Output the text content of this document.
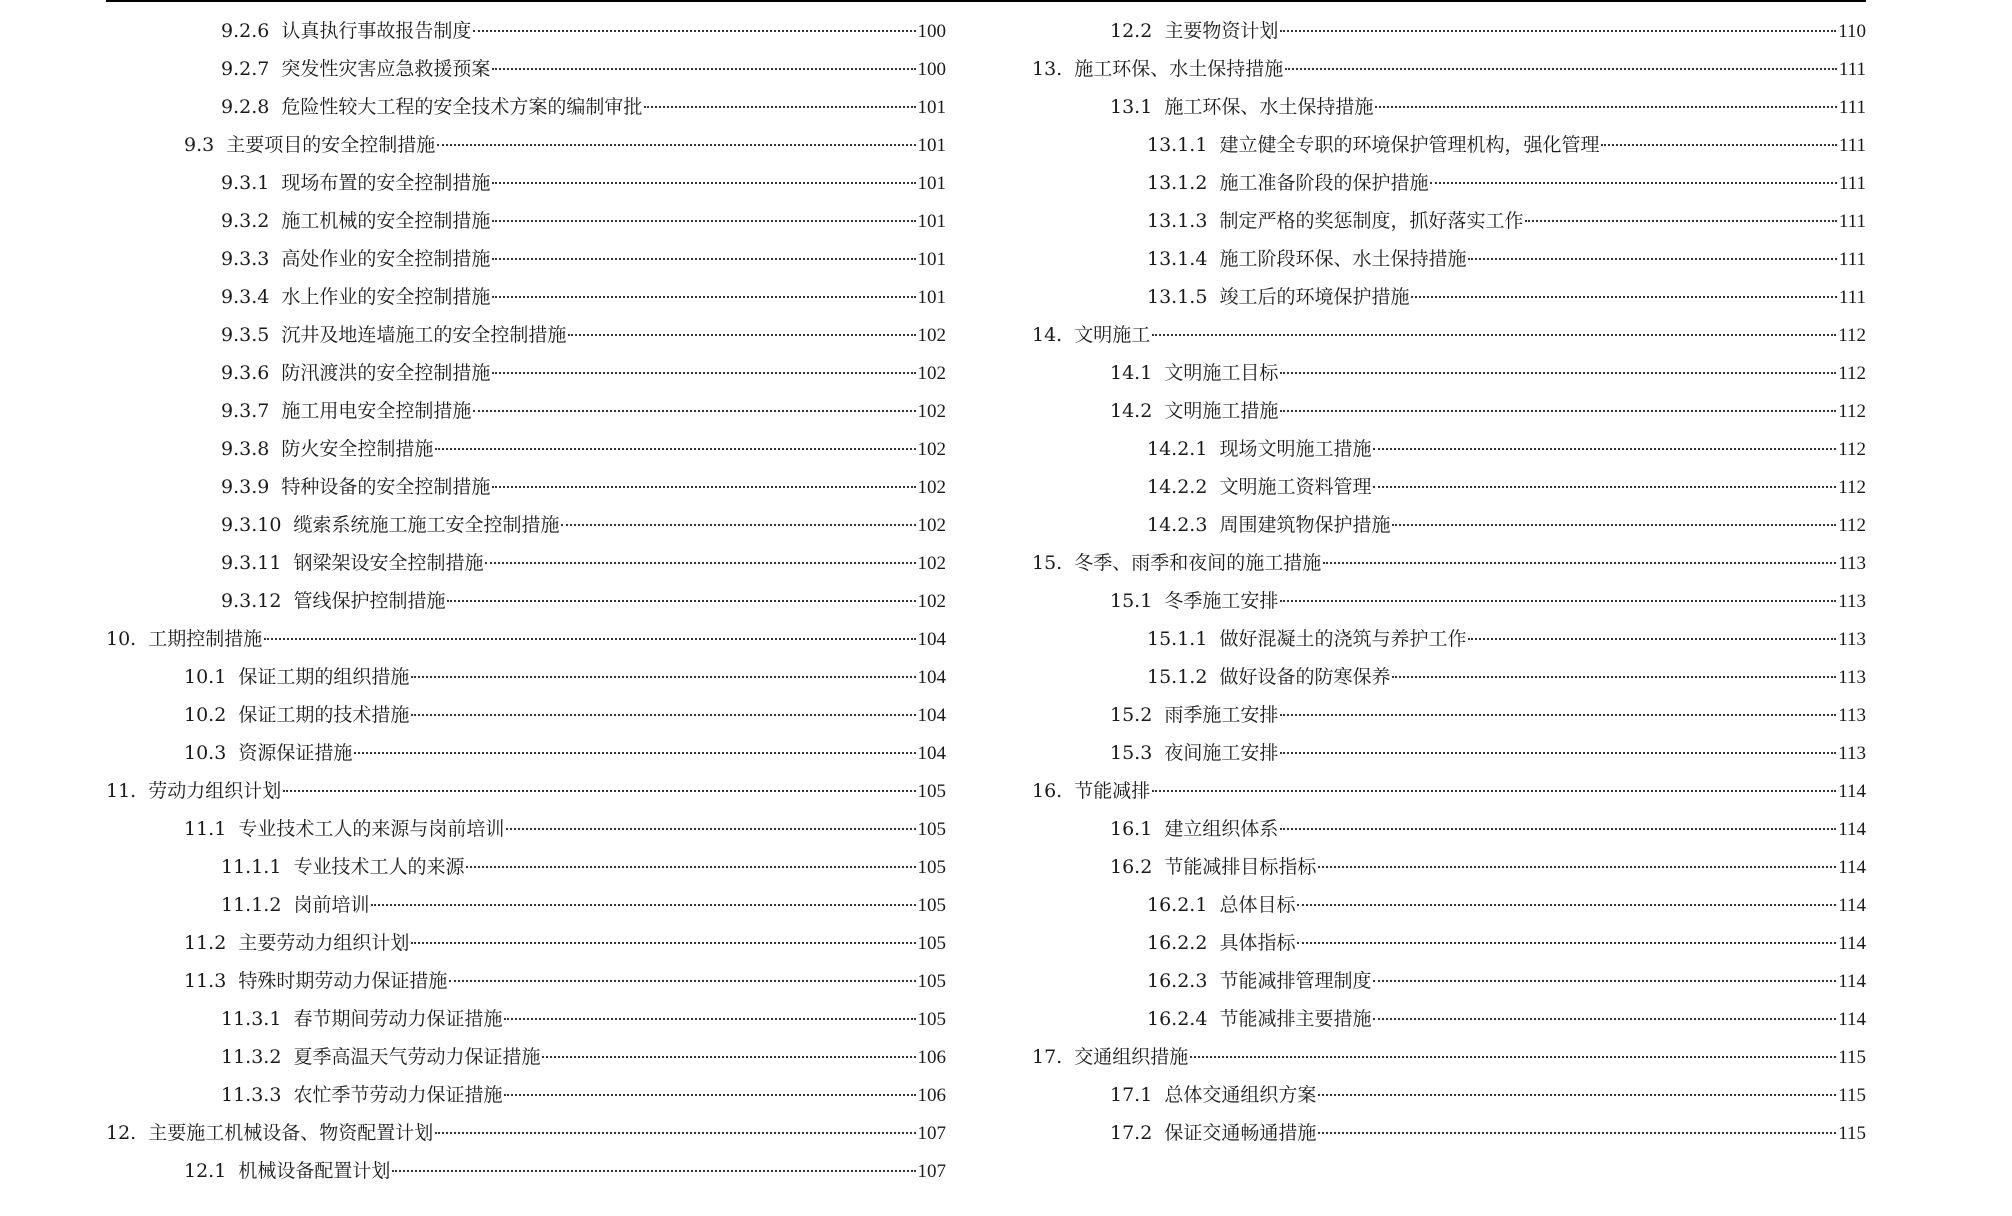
9.2.6 认真执行事故报告制度	100
9.2.7 突发性灾害应急救援预案	100
9.2.8 危险性较大工程的安全技术方案的编制审批	101
9.3 主要项目的安全控制措施	101
9.3.1 现场布置的安全控制措施	101
9.3.2 施工机械的安全控制措施	101
9.3.3 高处作业的安全控制措施	101
9.3.4 水上作业的安全控制措施	101
9.3.5 沉井及地连墙施工的安全控制措施	102
9.3.6 防汛渡洪的安全控制措施	102
9.3.7 施工用电安全控制措施	102
9.3.8 防火安全控制措施	102
9.3.9 特种设备的安全控制措施	102
9.3.10 缆索系统施工施工安全控制措施	102
9.3.11 钢梁架设安全控制措施	102
9.3.12 管线保护控制措施	102
10. 工期控制措施	104
10.1 保证工期的组织措施	104
10.2 保证工期的技术措施	104
10.3 资源保证措施	104
11. 劳动力组织计划	105
11.1 专业技术工人的来源与岗前培训	105
11.1.1 专业技术工人的来源	105
11.1.2 岗前培训	105
11.2 主要劳动力组织计划	105
11.3 特殊时期劳动力保证措施	105
11.3.1 春节期间劳动力保证措施	105
11.3.2 夏季高温天气劳动力保证措施	106
11.3.3 农忙季节劳动力保证措施	106
12. 主要施工机械设备、物资配置计划	107
12.1 机械设备配置计划	107
12.2 主要物资计划	110
13. 施工环保、水土保持措施	111
13.1 施工环保、水土保持措施	111
13.1.1 建立健全专职的环境保护管理机构，强化管理	111
13.1.2 施工准备阶段的保护措施	111
13.1.3 制定严格的奖惩制度，抓好落实工作	111
13.1.4 施工阶段环保、水土保持措施	111
13.1.5 竣工后的环境保护措施	111
14. 文明施工	112
14.1 文明施工目标	112
14.2 文明施工措施	112
14.2.1 现场文明施工措施	112
14.2.2 文明施工资料管理	112
14.2.3 周围建筑物保护措施	112
15. 冬季、雨季和夜间的施工措施	113
15.1 冬季施工安排	113
15.1.1 做好混凝土的浇筑与养护工作	113
15.1.2 做好设备的防寒保养	113
15.2 雨季施工安排	113
15.3 夜间施工安排	113
16. 节能减排	114
16.1 建立组织体系	114
16.2 节能减排目标指标	114
16.2.1 总体目标	114
16.2.2 具体指标	114
16.2.3 节能减排管理制度	114
16.2.4 节能减排主要措施	114
17. 交通组织措施	115
17.1 总体交通组织方案	115
17.2 保证交通畅通措施	115
